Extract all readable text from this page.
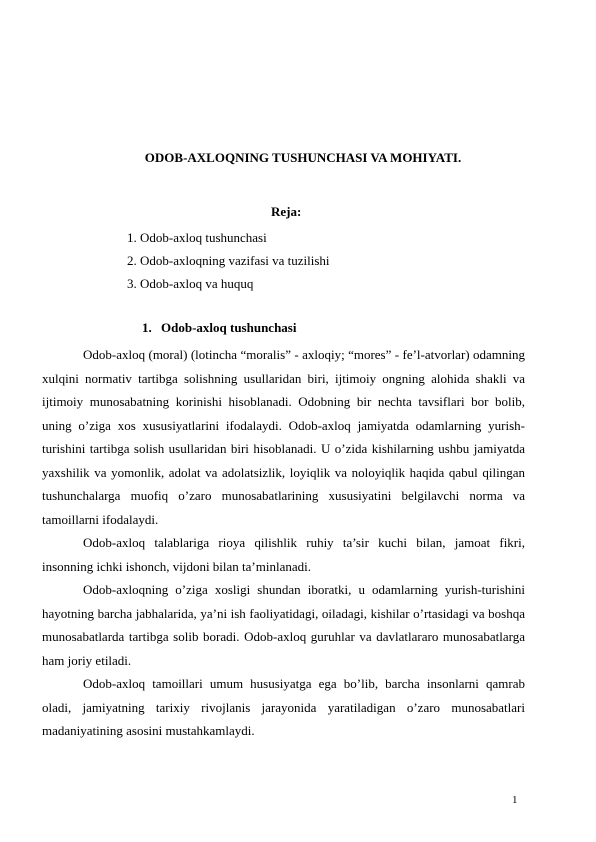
ODOB-AXLOQNING TUSHUNCHASI VA MOHIYATI.
Reja:
1. Odob-axloq tushunchasi
2. Odob-axloqning vazifasi va tuzilishi
3. Odob-axloq va huquq
1. Odob-axloq tushunchasi

Odob-axloq (moral) (lotincha “moralis” - axloqiy; “mores” - fe’l-atvorlar) odamning xulqini normativ tartibga solishning usullaridan biri, ijtimoiy ongning alohida shakli va ijtimoiy munosabatning korinishi hisoblanadi. Odobning bir nechta tavsiflari bor bolib, uning o’ziga xos xususiyatlarini ifodalaydi. Odob-axloq jamiyatda odamlarning yurish-turishini tartibga solish usullaridan biri hisoblanadi. U o’zida kishilarning ushbu jamiyatda yaxshilik va yomonlik, adolat va adolatsizlik, loyiqlik va noloyiqlik haqida qabul qilingan tushunchalarga muofiq o’zaro munosabatlarining xususiyatini belgilavchi norma va tamoillarni ifodalaydi.

Odob-axloq talablariga rioya qilishlik ruhiy ta’sir kuchi bilan, jamoat fikri, insonning ichki ishonch, vijdoni bilan ta’minlanadi.

Odob-axloqning o’ziga xosligi shundan iboratki, u odamlarning yurish-turishini hayotning barcha jabhalarida, ya’ni ish faoliyatidagi, oiladagi, kishilar o’rtasidagi va boshqa munosabatlarda tartibga solib boradi. Odob-axloq guruhlar va davlatlararo munosabatlarga ham joriy etiladi.

Odob-axloq tamoillari umum hususiyatga ega bo’lib, barcha insonlarni qamrab oladi, jamiyatning tarixiy rivojlanis jarayonida yaratiladigan o’zaro munosabatlari madaniyatining asosini mustahkamlaydi.

1
